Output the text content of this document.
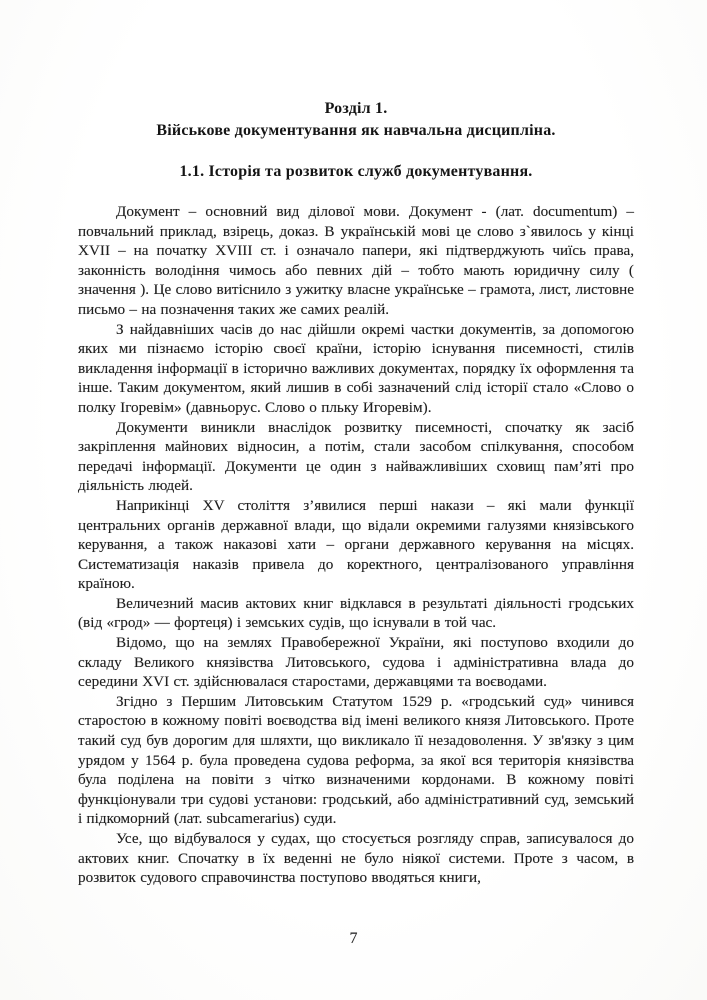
Розділ 1.
Військове документування як навчальна дисципліна.
1.1. Історія та розвиток служб документування.

Документ – основний вид ділової мови. Документ - (лат. documentum) – повчальний приклад, взірець, доказ. В українській мові це слово з`явилось у кінці XVII – на початку XVIII ст. і означало папери, які підтверджують чиїсь права, законність володіння чимось або певних дій – тобто мають юридичну силу ( значення ). Це слово витіснило з ужитку власне українське – грамота, лист, листовне письмо – на позначення таких же самих реалій.

З найдавніших часів до нас дійшли окремі частки документів, за допомогою яких ми пізнаємо історію своєї країни, історію існування писемності, стилів викладення інформації в історично важливих документах, порядку їх оформлення та інше. Таким документом, який лишив в собі зазначений слід історії стало «Слово о полку Ігоревім» (давньорус. Слово о пльку Игоревім).

Документи виникли внаслідок розвитку писемності, спочатку як засіб закріплення майнових відносин, а потім, стали засобом спілкування, способом передачі інформації. Документи це один з найважливіших сховищ пам’яті про діяльність людей.

Наприкінці XV століття з’явилися перші накази – які мали функції центральних органів державної влади, що відали окремими галузями князівського керування, а також наказові хати – органи державного керування на місцях. Систематизація наказів привела до коректного, централізованого управління країною.

Величезний масив актових книг відклався в результаті діяльності гродських (від «грод» — фортеця) і земських судів, що існували в той час.

Відомо, що на землях Правобережної України, які поступово входили до складу Великого князівства Литовського, судова і адміністративна влада до середини XVI ст. здійснювалася старостами, державцями та воєводами.

Згідно з Першим Литовським Статутом 1529 р. «гродський суд» чинився старостою в кожному повіті воєводства від імені великого князя Литовського. Проте такий суд був дорогим для шляхти, що викликало її незадоволення. У зв'язку з цим урядом у 1564 р. була проведена судова реформа, за якої вся територія князівства була поділена на повіти з чітко визначеними кордонами. В кожному повіті функціонували три судові установи: гродський, або адміністративний суд, земський і підкоморний (лат. subcamerarius) суди.

Усе, що відбувалося у судах, що стосується розгляду справ, записувалося до актових книг. Спочатку в їх веденні не було ніякої системи. Проте з часом, в розвиток судового справочинства поступово вводяться книги,

7
